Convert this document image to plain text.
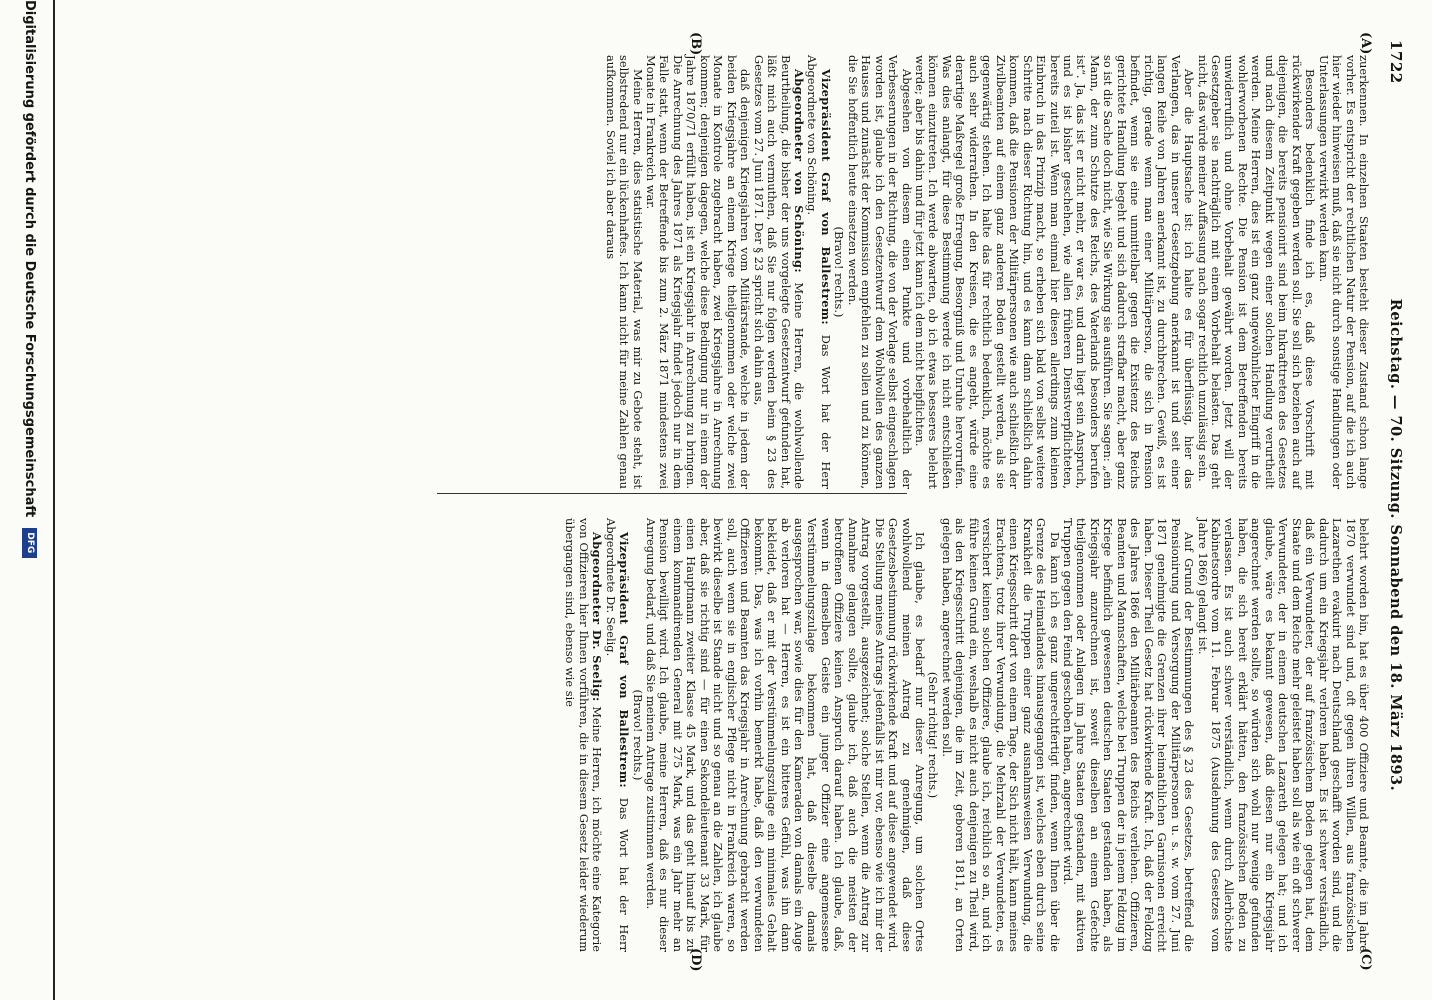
1722
Reichstag. — 70. Sitzung. Sonnabend den 18. März 1893.
(A)
(B)
(C)
(D)

zuerkennen. In einzelnen Staaten besteht dieser Zustand schon lange vorher. Es entspricht der rechtlichen Natur der Pension, auf die ich auch hier wieder hinweisen muß, daß sie nicht durch sonstige Handlungen oder Unterlassungen verwirkt werden kann.

Besonders bedenklich finde ich es, daß diese Vorschrift mit rückwirkender Kraft gegeben werden soll. Sie soll sich beziehen auch auf diejenigen, die bereits pensionirt sind beim Inkrafttreten des Gesetzes und nach diesem Zeitpunkt wegen einer solchen Handlung verurtheilt werden. Meine Herren, dies ist ein ganz ungewöhnlicher Eingriff in die wohlerworbenen Rechte. Die Pension ist dem Betreffenden bereits unwiderruflich und ohne Vorbehalt gewährt worden. Jetzt will der Gesetzgeber sie nachträglich mit einem Vorbehalt belasten. Das geht nicht, das würde meiner Auffassung nach sogar rechtlich unzulässig sein.

Aber die Hauptsache ist: ich halte es für überflüssig, hier das Verlangen, das in unserer Gesetzgebung anerkannt ist und seit einer langen Reihe von Jahren anerkannt ist, zu durchbrechen. Gewiß, es ist richtig, gerade wenn man einer Militärperson, die sich in Pension befindet, wenn sie eine unmittelbar gegen die Existenz des Reichs gerichtete Handlung begeht und sich dadurch strafbar macht, aber ganz so ist die Sache doch nicht, wie Sie Wirkung sie ausführen. Sie sagen: „ein Mann, der zum Schutze des Reichs, des Vaterlands besonders berufen ist“. Ja, das ist er nicht mehr, er war es, und darin liegt sein Anspruch, und es ist bisher geschehen, wie allen früheren Dienstverpflichteten, bereits zuteil ist. Wenn man einmal hier diesen allerdings zum kleinen Einbruch in das Prinzip macht, so erheben sich bald von selbst weitere Schritte nach dieser Richtung hin, und es kann dann schließlich dahin kommen, daß die Pensionen der Militärpersonen wie auch schließlich der Zivilbeamten auf einem ganz anderen Boden gestellt werden, als sie gegenwärtig stehen. Ich halte das für rechtlich bedenklich, möchte es auch sehr widerrathen. In den Kreisen, die es angeht, würde eine derartige Maßregel große Erregung, Besorgniß und Unruhe hervorrufen. Was dies anlangt, für diese Bestimmung werde ich nicht entschließen können einzutreten. Ich werde abwarten, ob ich etwas besseres belehrt werde; aber bis dahin und für jetzt kann ich dem nicht beipflichten.

Abgesehen von diesem einen Punkte und vorbehaltlich der Verbesserungen in der Richtung, die von der Vorlage selbst eingeschlagen worden ist, glaube ich den Gesetzentwurf dem Wohlwollen des ganzen Hauses und zunächst der Kommission empfehlen zu sollen und zu können, die Sie hoffentlich heute einsetzen werden.

(Bravo! rechts.)

Vizepräsident Graf von Ballestrem: Das Wort hat der Herr Abgeordnete von Schöning.

Abgeordneter von Schöning: Meine Herren, die wohlwollende Beurtheilung, die bisher der uns vorgelegte Gesetzentwurf gefunden hat, läßt mich auch vermuthen, daß Sie nur folgen werden beim § 23 des Gesetzes vom 27. Juni 1871. Der § 23 spricht sich dahin aus,

daß denjenigen Kriegsjahren vom Militärstande, welche in jedem der beiden Kriegsjahre an einem Kriege theilgenommen oder welche zwei Monate in Kontrole zugebracht haben, zwei Kriegsjahre in Anrechnung kommen; denjenigen dagegen, welche diese Bedingung nur in einem der Jahre 1870/71 erfüllt haben, ist ein Kriegsjahr in Anrechnung zu bringen. Die Anrechnung des Jahres 1871 als Kriegsjahr findet jedoch nur in dem Falle statt, wenn der Betreffende bis zum 2. März 1871 mindestens zwei Monate in Frankreich war.

Meine Herren, dies statistische Material, was mir zu Gebote steht, ist selbstredend nur ein lückenhaftes. Ich kann nicht für meine Zahlen genau aufkommen. Soviel ich aber daraus

belehrt worden bin, hat es über 400 Offiziere und Beamte, die im Jahre 1870 verwundet sind und, oft gegen ihren Willen, aus französischen Lazarethen evakuirt nach Deutschland geschafft worden sind, und die dadurch um ein Kriegsjahr verloren haben. Es ist schwer verständlich, daß ein Verwundeter, der auf französischem Boden gelegen hat, dem Staate und dem Reiche mehr geleistet haben soll als wie ein oft schwerer Verwundeter, der in einem deutschen Lazareth gelegen hat; und ich glaube, wäre es bekannt gewesen, daß diesen nur ein Kriegsjahr angerechnet werden sollte, so würden sich wohl nur wenige gefunden haben, die sich bereit erklärt hätten, den französischen Boden zu verlassen. Es ist auch schwer verständlich, wenn durch Allerhöchste Kabinetsordre vom 11. Februar 1875 (Ausdehnung des Gesetzes vom Jahre 1866) gelangt ist.

Auf Grund der Bestimmungen des § 23 des Gesetzes, betreffend die Pensionirung und Versorgung der Militärpersonen u. s. w. vom 27. Juni 1871 genehmigte die Grenzen ihrer heimathlichen Garnisonen erreicht haben. Dieser Theil Gesetz hat rückwirkende Kraft. Ich, daß der Feldzug des Jahres 1866 den Militärbeamten des Reichs verliehen. Offizieren, Beamten und Mannschaften, welche bei Truppen der in jenem Feldzug im Kriege befindlich gewesenen deutschen Staaten gestanden haben, als Kriegsjahr anzurechnen ist, soweit dieselben an einem Gefechte theilgenommen oder Anlagen im Jahre Staaten gestanden, mit aktiven Truppen gegen den Feind geschoben haben, angerechnet wird.

Da kann ich es ganz ungerechtfertigt finden, wenn Ihnen über die Grenze des Heimatlandes hinausgegangen ist, welches eben durch seine Krankheit die Truppen einer ganz ausnahmsweisen Verwundung, die einen Kriegsschritt dort von einem Tage, der Sich nicht hält, kann meines Erachtens, trotz ihrer Verwundung, die Mehrzahl der Verwundeten, es versichert keinen solchen Offiziere, glaube ich, reichlich so an, und ich führe keinen Grund ein, weshalb es nicht auch denjenigen zu Theil wird, als den Kriegsschritt denjenigen, die im Zeit, geboren 1811, an Orten gelegen haben, angerechnet werden soll.

(Sehr richtig! rechts.)

Ich glaube, es bedarf nur dieser Anregung, um solchen Ortes wohlwollend meinen Antrag zu genehmigen, daß diese Gesetzesbestimmung rückwirkende Kraft und auf diese angewendet wird. Die Stellung meines Antrags jedenfalls ist mir vor, ebenso wie ich mir der Antrag vorgestellt, ausgezeichnet; solche Stellen, wenn die Antrag zur Annahme gelangen sollte, glaube ich, daß auch die meisten der betroffenen Offiziere keinen Anspruch darauf haben. Ich glaube, daß, wenn in demselben Geiste ein junger Offizier eine angemessene Verstümmelungszulage bekommen hat, daß dieselbe damals ausgesprochen war, sowie dies für den Kameraden von damals ein Auge ab verloren hat — Herren, es ist ein bitteres Gefühl, was ihn dann bekleidet, daß er mit der Verstümmelungszulage ein minimales Gehalt bekommt. Das, was ich vorhin bemerkt habe, daß den verwundeten Offizieren und Beamten das Kriegsjahr in Anrechnung gebracht werden soll, auch wenn sie in englischer Pflege nicht in Frankreich waren, so bewirkt dieselbe ist Stande nicht und so genau an die Zahlen, ich glaube aber, daß sie richtig sind — für einen Sekondelieutenant 33 Mark, für einen Hauptmann zweiter Klasse 45 Mark, und das geht hinauf bis zu einem kommandirenden General mit 275 Mark, was ein Jahr mehr an Pension bewilligt wird. Ich glaube, meine Herren, daß es nur dieser Anregung bedarf, und daß Sie meinem Antrage zustimmen werden.

(Bravo! rechts.)

Vizepräsident Graf von Ballestrem: Das Wort hat der Herr Abgeordnete Dr. Seelig.

Abgeordneter Dr. Seelig: Meine Herren, ich möchte eine Kategorie von Offizieren hier Ihnen vorführen, die in diesem Gesetz leider wiederum übergangen sind, ebenso wie sie

Digitalisierung gefördert durch die Deutsche Forschungsgemeinschaft DFG
